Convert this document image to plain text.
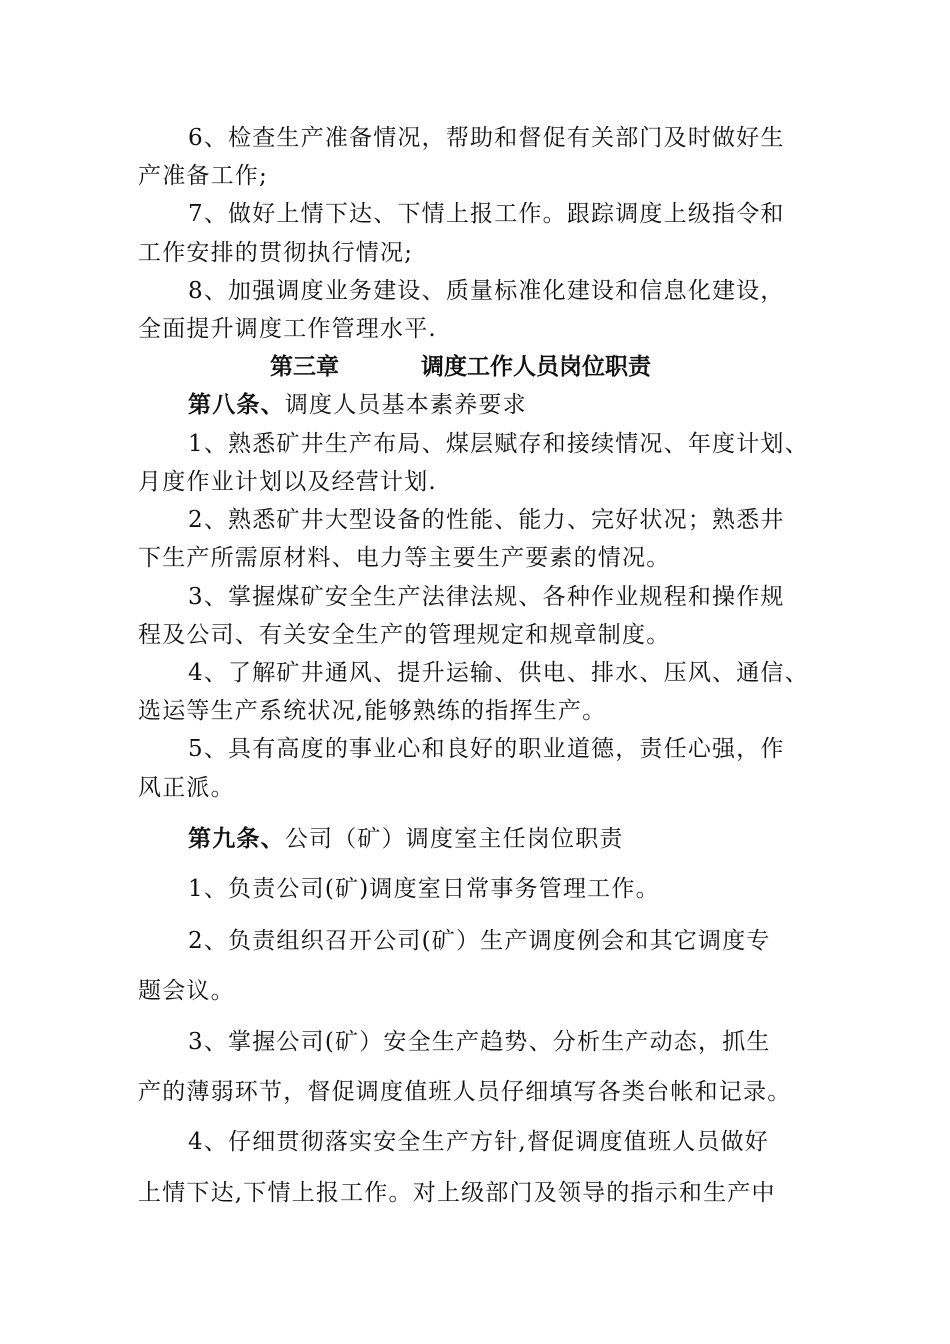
6、检查生产准备情况，帮助和督促有关部门及时做好生
产准备工作;
7、做好上情下达、下情上报工作。跟踪调度上级指令和
工作安排的贯彻执行情况;
8、加强调度业务建设、质量标准化建设和信息化建设，
全面提升调度工作管理水平.
第三章	调度工作人员岗位职责
第八条、调度人员基本素养要求
1、熟悉矿井生产布局、煤层赋存和接续情况、年度计划、
月度作业计划以及经营计划.
2、熟悉矿井大型设备的性能、能力、完好状况；熟悉井
下生产所需原材料、电力等主要生产要素的情况。
3、掌握煤矿安全生产法律法规、各种作业规程和操作规
程及公司、有关安全生产的管理规定和规章制度。
4、了解矿井通风、提升运输、供电、排水、压风、通信、
选运等生产系统状况,能够熟练的指挥生产。
5、具有高度的事业心和良好的职业道德，责任心强，作
风正派。
第九条、公司（矿）调度室主任岗位职责
1、负责公司(矿)调度室日常事务管理工作。
2、负责组织召开公司(矿）生产调度例会和其它调度专
题会议。
3、掌握公司(矿）安全生产趋势、分析生产动态，抓生
产的薄弱环节，督促调度值班人员仔细填写各类台帐和记录。
4、仔细贯彻落实安全生产方针,督促调度值班人员做好
上情下达,下情上报工作。对上级部门及领导的指示和生产中
